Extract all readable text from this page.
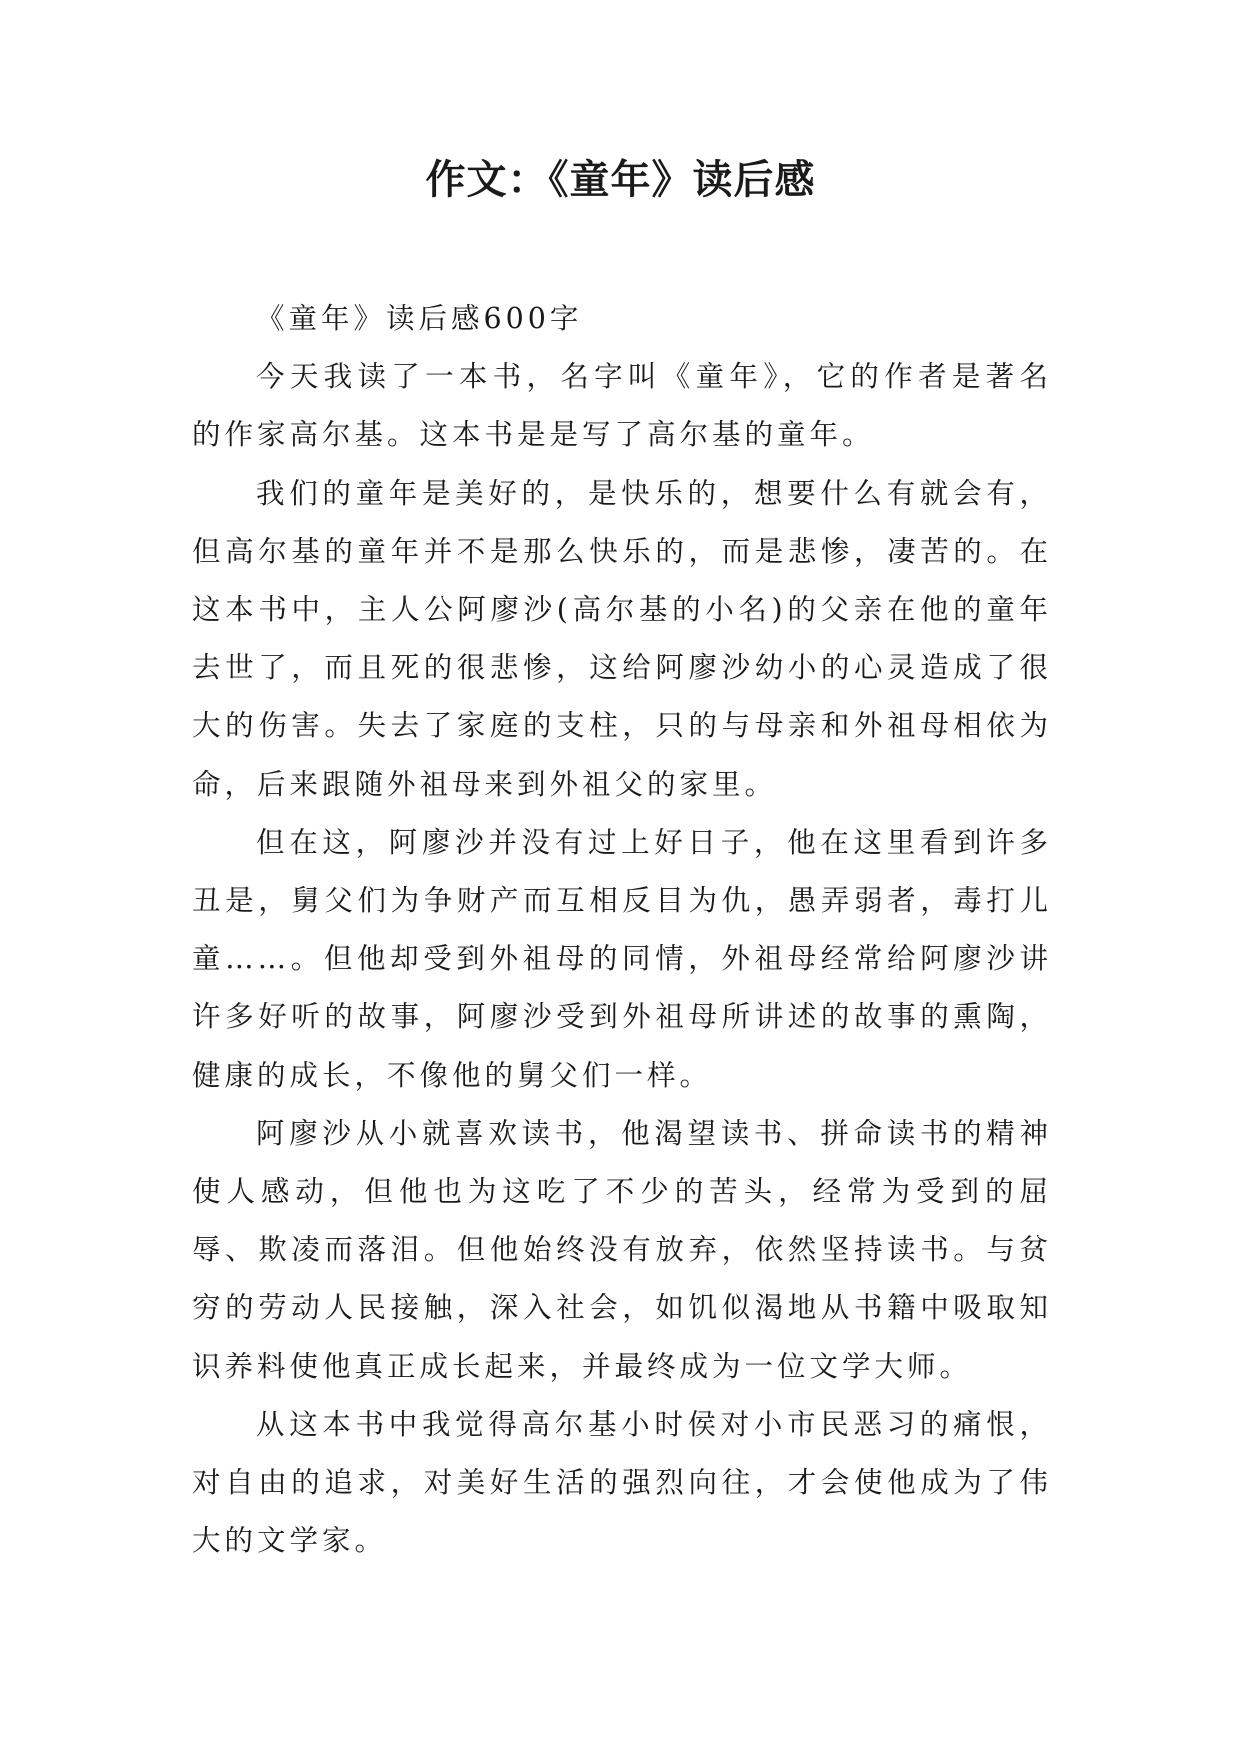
作文：《童年》读后感

《童年》读后感600字

今天我读了一本书，名字叫《童年》，它的作者是著名的作家高尔基。这本书是是写了高尔基的童年。

我们的童年是美好的，是快乐的，想要什么有就会有，但高尔基的童年并不是那么快乐的，而是悲惨，凄苦的。在这本书中，主人公阿廖沙(高尔基的小名)的父亲在他的童年去世了，而且死的很悲惨，这给阿廖沙幼小的心灵造成了很大的伤害。失去了家庭的支柱，只的与母亲和外祖母相依为命，后来跟随外祖母来到外祖父的家里。

但在这，阿廖沙并没有过上好日子，他在这里看到许多丑是，舅父们为争财产而互相反目为仇，愚弄弱者，毒打儿童……。但他却受到外祖母的同情，外祖母经常给阿廖沙讲许多好听的故事，阿廖沙受到外祖母所讲述的故事的熏陶，健康的成长，不像他的舅父们一样。

阿廖沙从小就喜欢读书，他渴望读书、拼命读书的精神使人感动，但他也为这吃了不少的苦头，经常为受到的屈辱、欺凌而落泪。但他始终没有放弃，依然坚持读书。与贫穷的劳动人民接触，深入社会，如饥似渴地从书籍中吸取知识养料使他真正成长起来，并最终成为一位文学大师。

从这本书中我觉得高尔基小时侯对小市民恶习的痛恨，对自由的追求，对美好生活的强烈向往，才会使他成为了伟大的文学家。
